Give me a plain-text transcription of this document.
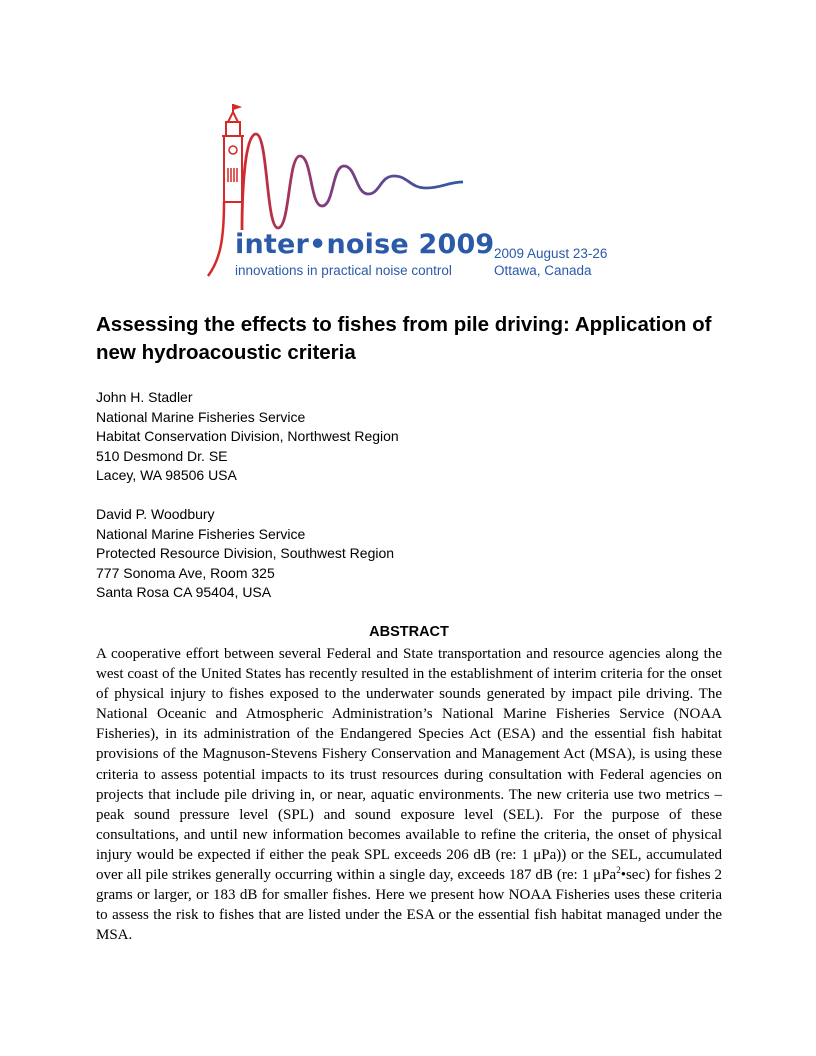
inter•noise 2009
innovations in practical noise control
2009 August 23-26
Ottawa, Canada
Assessing the effects to fishes from pile driving: Application of new hydroacoustic criteria
John H. Stadler
National Marine Fisheries Service
Habitat Conservation Division, Northwest Region
510 Desmond Dr. SE
Lacey, WA 98506 USA
David P. Woodbury
National Marine Fisheries Service
Protected Resource Division, Southwest Region
777 Sonoma Ave, Room 325
Santa Rosa CA 95404, USA
ABSTRACT

A cooperative effort between several Federal and State transportation and resource agencies along the west coast of the United States has recently resulted in the establishment of interim criteria for the onset of physical injury to fishes exposed to the underwater sounds generated by impact pile driving. The National Oceanic and Atmospheric Administration’s National Marine Fisheries Service (NOAA Fisheries), in its administration of the Endangered Species Act (ESA) and the essential fish habitat provisions of the Magnuson-Stevens Fishery Conservation and Management Act (MSA), is using these criteria to assess potential impacts to its trust resources during consultation with Federal agencies on projects that include pile driving in, or near, aquatic environments. The new criteria use two metrics – peak sound pressure level (SPL) and sound exposure level (SEL). For the purpose of these consultations, and until new information becomes available to refine the criteria, the onset of physical injury would be expected if either the peak SPL exceeds 206 dB (re: 1 μPa)) or the SEL, accumulated over all pile strikes generally occurring within a single day, exceeds 187 dB (re: 1 μPa$^2$•sec) for fishes 2 grams or larger, or 183 dB for smaller fishes. Here we present how NOAA Fisheries uses these criteria to assess the risk to fishes that are listed under the ESA or the essential fish habitat managed under the MSA.
